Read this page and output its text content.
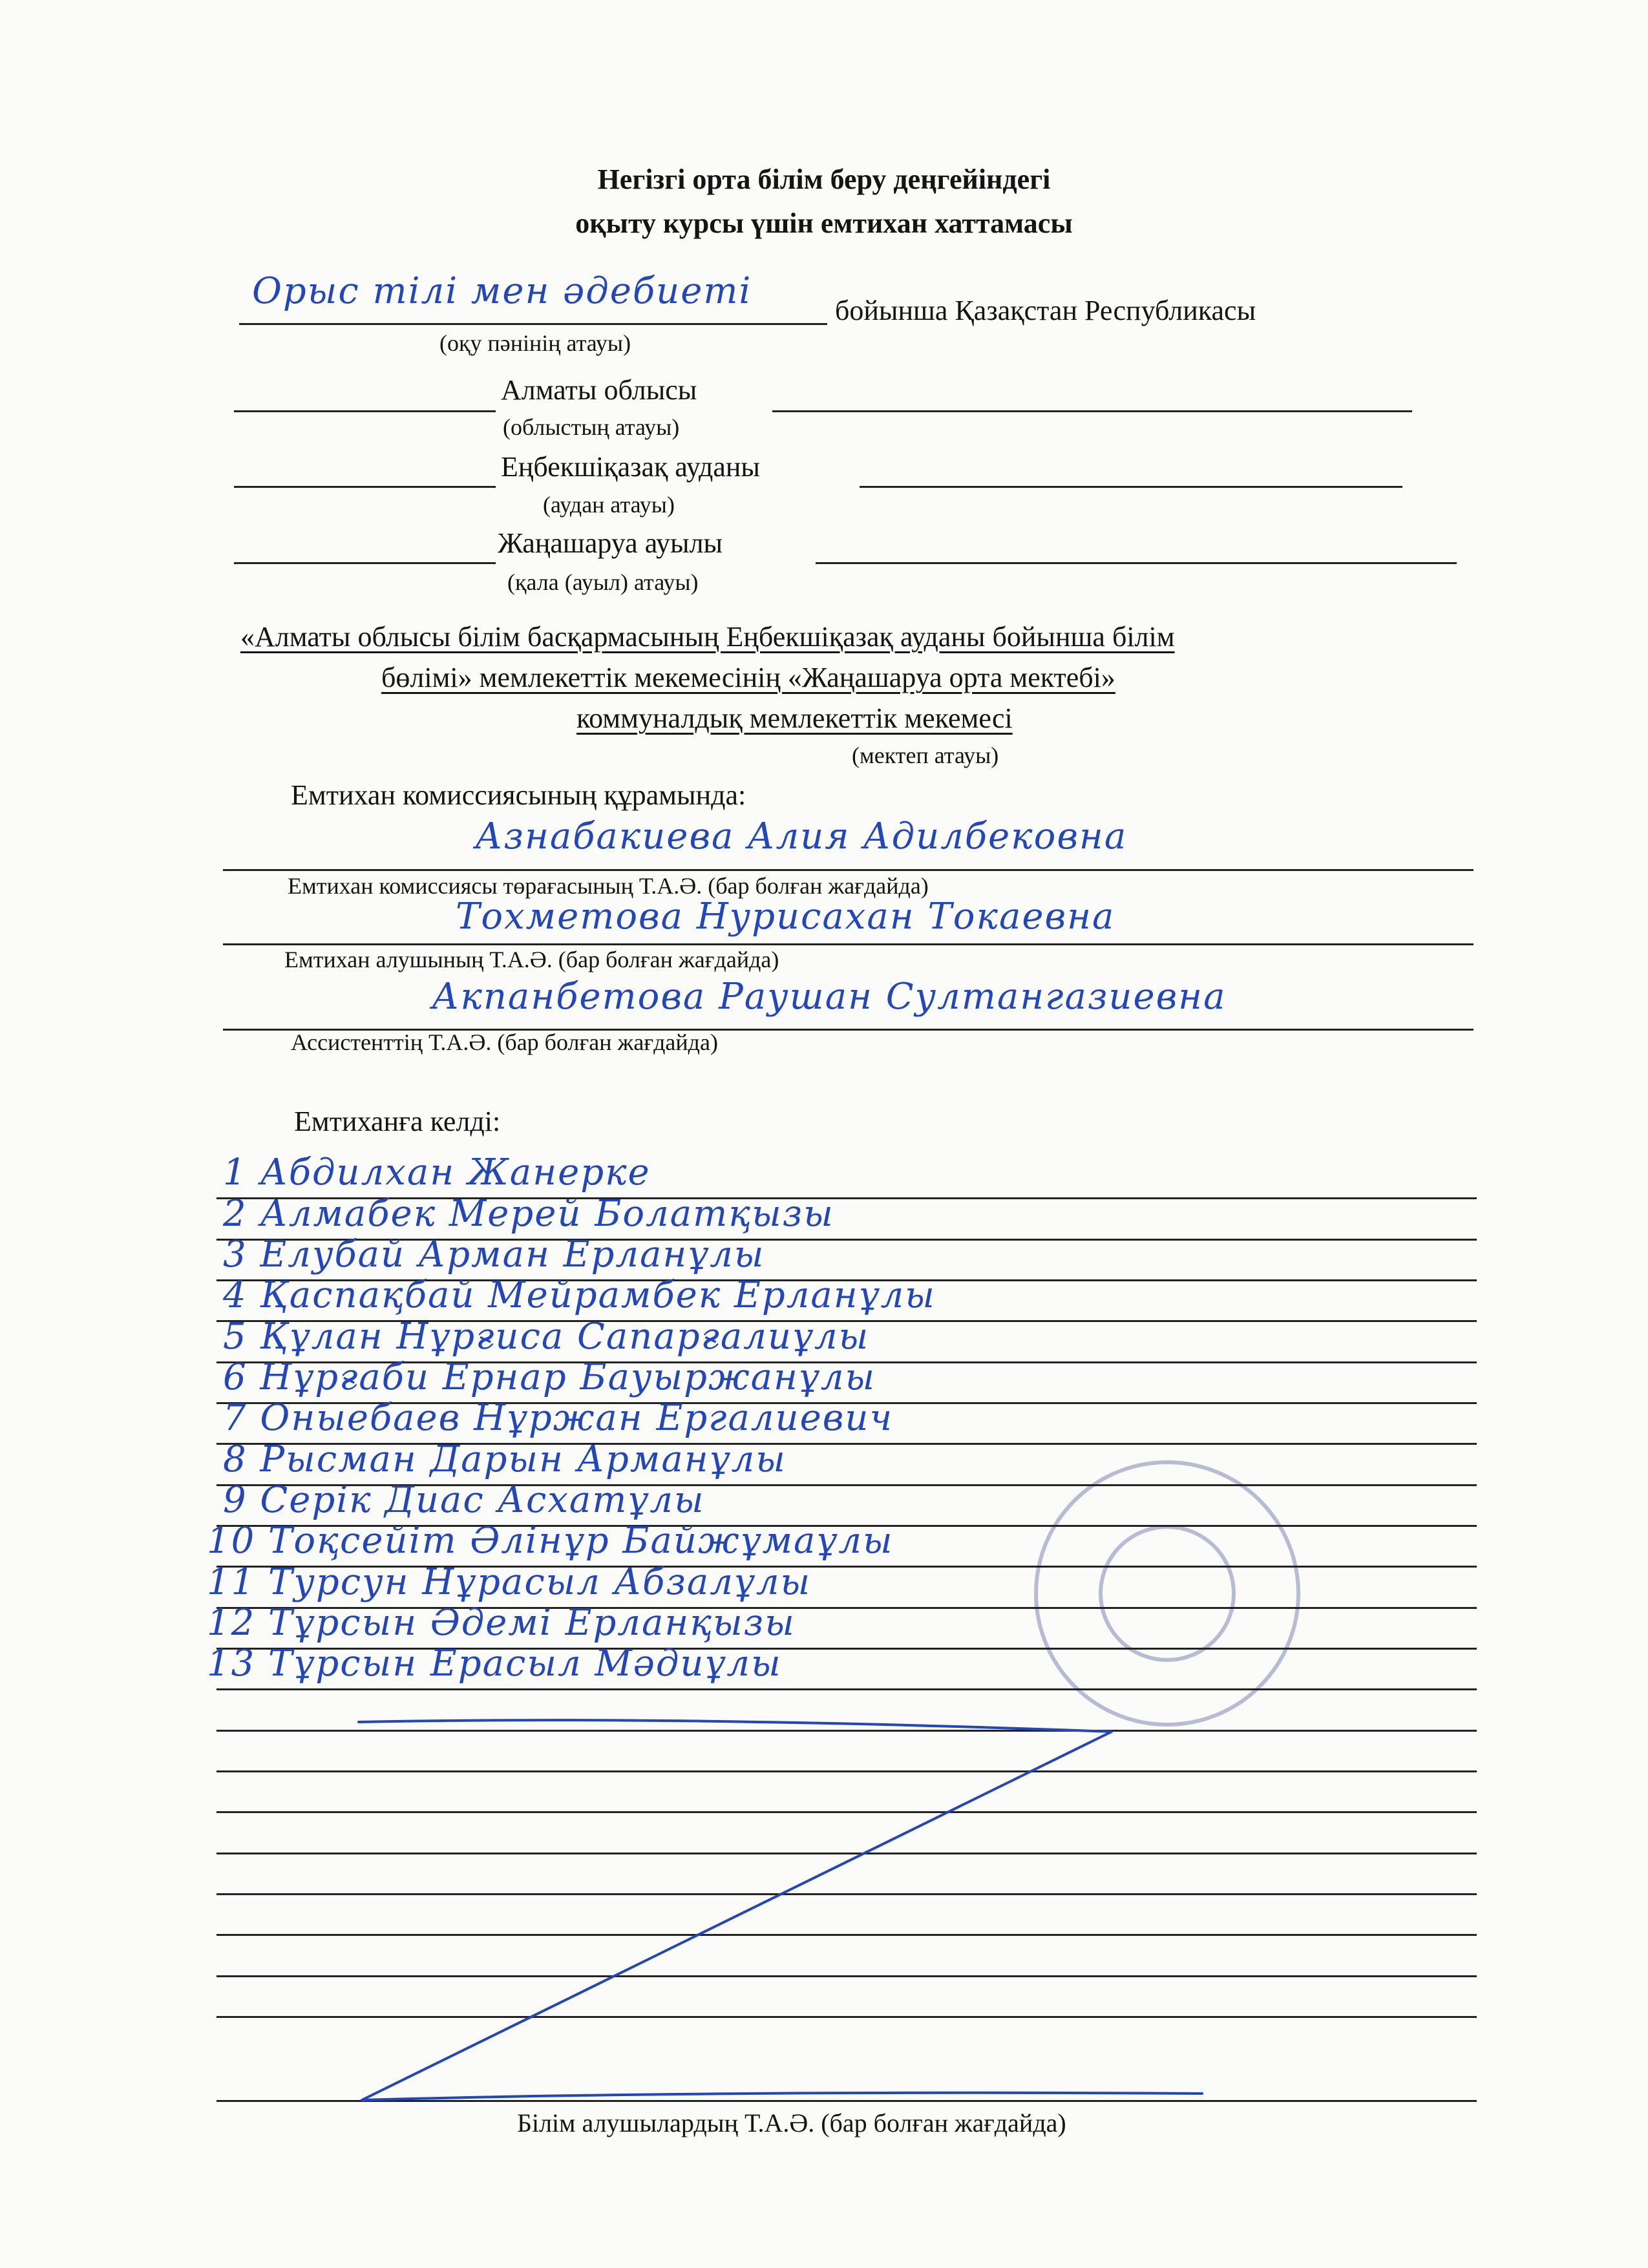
Негізгі орта білім беру деңгейіндегі
оқыту курсы үшін емтихан хаттамасы
Орыс тілі мен әдебиеті	бойынша Қазақстан Республикасы
(оқу пәнінің атауы)
Алматы облысы
(облыстың атауы)
Еңбекшіқазақ ауданы
(аудан атауы)
Жаңашаруа ауылы
(қала (ауыл) атауы)
«Алматы облысы білім басқармасының Еңбекшіқазақ ауданы бойынша білім
бөлімі» мемлекеттік мекемесінің «Жаңашаруа орта мектебі»
коммуналдық мемлекеттік мекемесі
(мектеп атауы)
Емтихан комиссиясының құрамында:
Азнабакиева Алия Адилбековна
Емтихан комиссиясы төрағасының Т.А.Ә. (бар болған жағдайда)
Тохметова Нурисахан Токаевна
Емтихан алушының Т.А.Ә. (бар болған жағдайда)
Акпанбетова Раушан Султангазиевна
Ассистенттің Т.А.Ә. (бар болған жағдайда)
Емтиханға келді:
1 Абдилхан Жанерке
2 Алмабек Мерей Болатқызы
3 Елубай Арман Ерланұлы
4 Қаспақбай Мейрамбек Ерланұлы
5 Құлан Нұрғиса Сапарғалиұлы
6 Нұрғаби Ернар Бауыржанұлы
7 Оныебаев Нұржан Ергалиевич
8 Рысман Дарын Арманұлы
9 Серік Диас Асхатұлы
10 Тоқсейіт Әлінұр Байжұмаұлы
11 Турсун Нұрасыл Абзалұлы
12 Тұрсын Әдемі Ерланқызы
13 Тұрсын Ерасыл Мәдиұлы
Білім алушылардың Т.А.Ә. (бар болған жағдайда)
